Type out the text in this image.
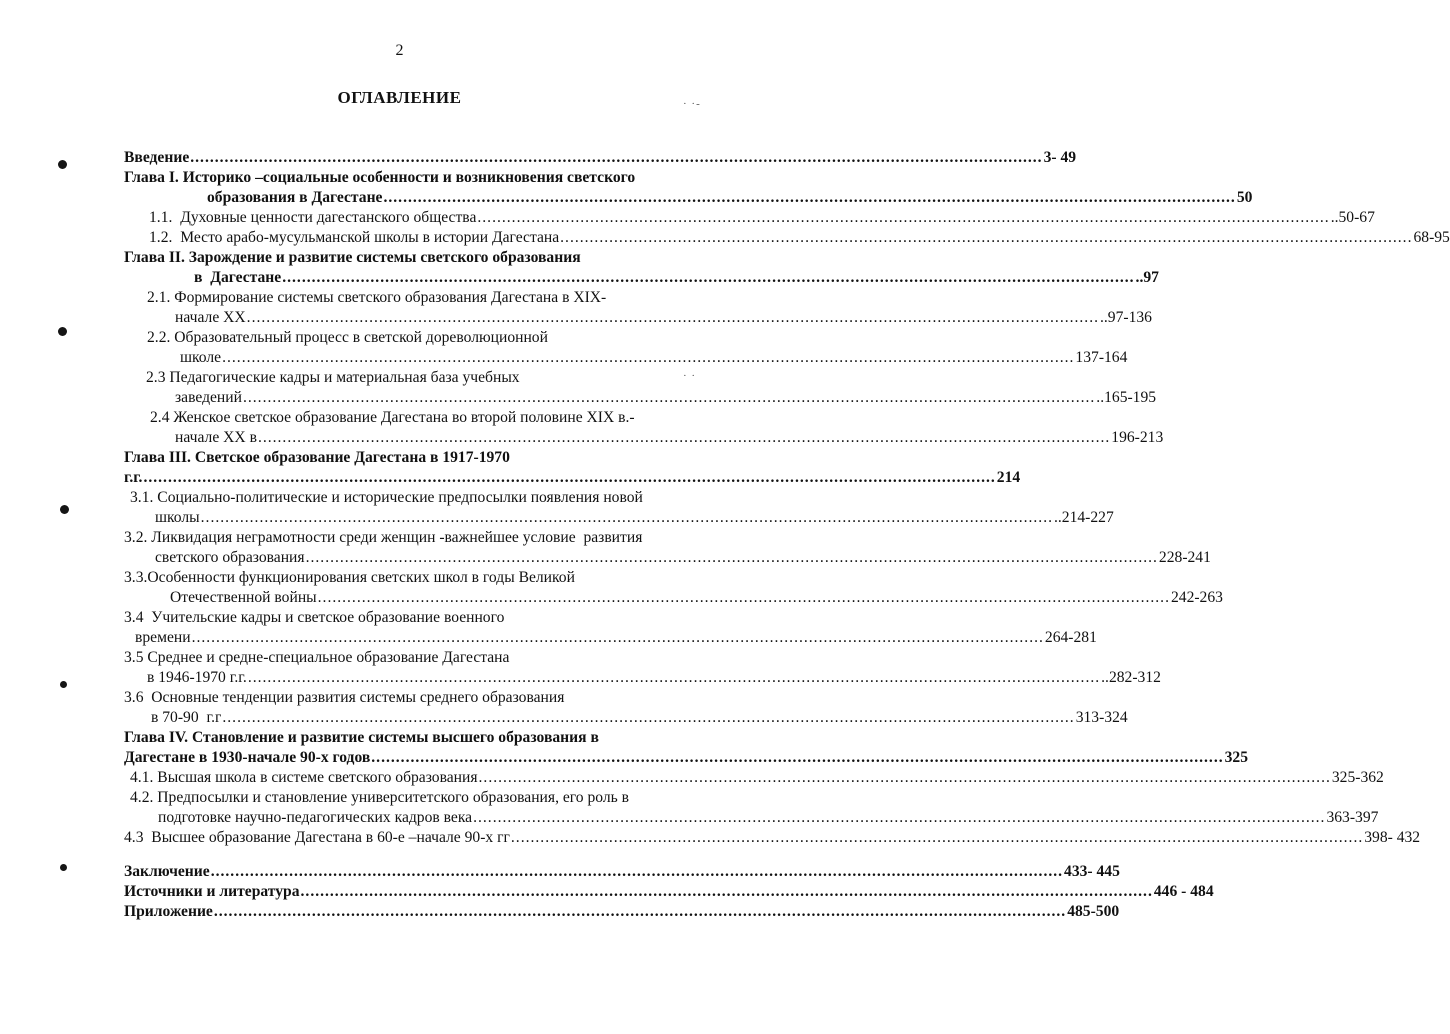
2
ОГЛАВЛЕНИЕ	· ·-
· ·
Введение .............................................................................................................................................................................. 3- 49
Глава I. Историко –социальные особенности и возникновения светского
образования в Дагестане .............................................................................................................................................................................. 50
1.1.  Духовные ценности дагестанского общества .............................................................................................................................................................................. ..50-67
1.2.  Место арабо-мусульманской школы в истории Дагестана .............................................................................................................................................................................. 68-95
Глава II. Зарождение и развитие системы светского образования
в  Дагестане .............................................................................................................................................................................. ..97
2.1. Формирование системы светского образования Дагестана в XIX-
начале XX .............................................................................................................................................................................. ..97-136
2.2. Образовательный процесс в светской дореволюционной
школе .............................................................................................................................................................................. 137-164
2.3 Педагогические кадры и материальная база учебных
заведений .............................................................................................................................................................................. ..165-195
2.4 Женское светское образование Дагестана во второй половине XIX в.-
начале XX в .............................................................................................................................................................................. 196-213
Глава III. Светское образование Дагестана в 1917-1970
г.г. .............................................................................................................................................................................. 214
3.1. Социально-политические и исторические предпосылки появления новой
школы .............................................................................................................................................................................. ..214-227
3.2. Ликвидация неграмотности среди женщин -важнейшее условие  развития
светского образования .............................................................................................................................................................................. 228-241
3.3.Особенности функционирования светских школ в годы Великой
Отечественной войны .............................................................................................................................................................................. 242-263
3.4  Учительские кадры и светское образование военного
времени .............................................................................................................................................................................. 264-281
3.5 Среднее и средне-специальное образование Дагестана
в 1946-1970 г.г. .............................................................................................................................................................................. ..282-312
3.6  Основные тенденции развития системы среднего образования
в 70-90  г.г .............................................................................................................................................................................. 313-324
Глава IV. Становление и развитие системы высшего образования в
Дагестане в 1930-начале 90-х годов .............................................................................................................................................................................. 325
4.1. Высшая школа в системе светского образования .............................................................................................................................................................................. 325-362
4.2. Предпосылки и становление университетского образования, его роль в
подготовке научно-педагогических кадров века .............................................................................................................................................................................. 363-397
4.3  Высшее образование Дагестана в 60-е –начале 90-х гг .............................................................................................................................................................................. 398- 432
Заключение .............................................................................................................................................................................. 433- 445
Источники и литература .............................................................................................................................................................................. 446 - 484
Приложение .............................................................................................................................................................................. 485-500
